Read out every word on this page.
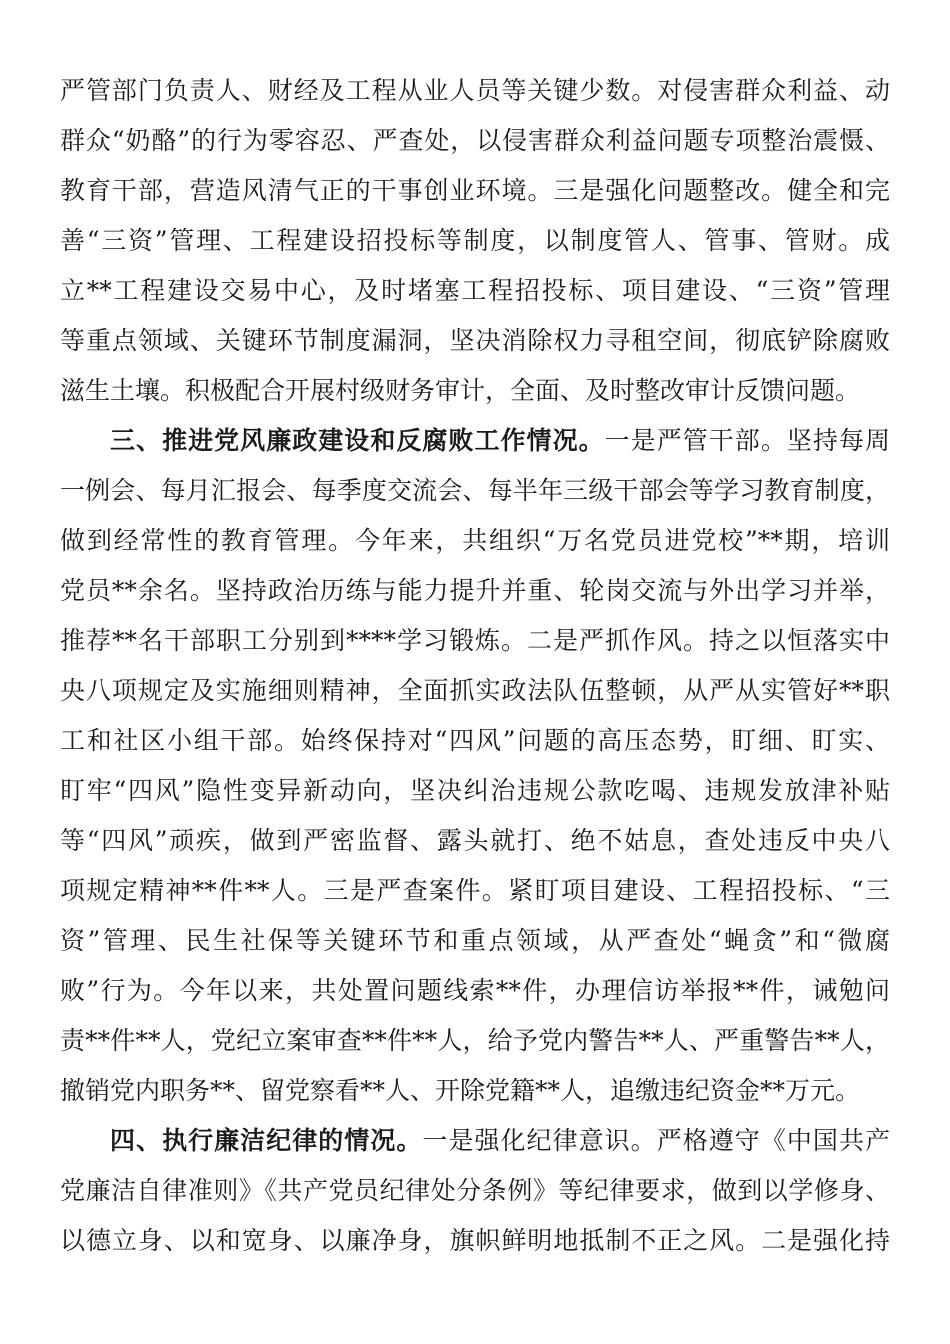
严管部门负责人、财经及工程从业人员等关键少数。对侵害群众利益、动
群众“奶酪”的行为零容忍、严查处，以侵害群众利益问题专项整治震慑、
教育干部，营造风清气正的干事创业环境。三是强化问题整改。健全和完
善“三资”管理、工程建设招投标等制度，以制度管人、管事、管财。成
立**工程建设交易中心，及时堵塞工程招投标、项目建设、“三资”管理
等重点领域、关键环节制度漏洞，坚决消除权力寻租空间，彻底铲除腐败
滋生土壤。积极配合开展村级财务审计，全面、及时整改审计反馈问题。
三、推进党风廉政建设和反腐败工作情况。一是严管干部。坚持每周
一例会、每月汇报会、每季度交流会、每半年三级干部会等学习教育制度，
做到经常性的教育管理。今年来，共组织“万名党员进党校”**期，培训
党员**余名。坚持政治历练与能力提升并重、轮岗交流与外出学习并举，
推荐**名干部职工分别到****学习锻炼。二是严抓作风。持之以恒落实中
央八项规定及实施细则精神，全面抓实政法队伍整顿，从严从实管好**职
工和社区小组干部。始终保持对“四风”问题的高压态势，盯细、盯实、
盯牢“四风”隐性变异新动向，坚决纠治违规公款吃喝、违规发放津补贴
等“四风”顽疾，做到严密监督、露头就打、绝不姑息，查处违反中央八
项规定精神**件**人。三是严查案件。紧盯项目建设、工程招投标、“三
资”管理、民生社保等关键环节和重点领域，从严查处“蝇贪”和“微腐
败”行为。今年以来，共处置问题线索**件，办理信访举报**件，诫勉问
责**件**人，党纪立案审查**件**人，给予党内警告**人、严重警告**人，
撤销党内职务**、留党察看**人、开除党籍**人，追缴违纪资金**万元。
四、执行廉洁纪律的情况。一是强化纪律意识。严格遵守《中国共产
党廉洁自律准则》《共产党员纪律处分条例》等纪律要求，做到以学修身、
以德立身、以和宽身、以廉净身，旗帜鲜明地抵制不正之风。二是强化持
